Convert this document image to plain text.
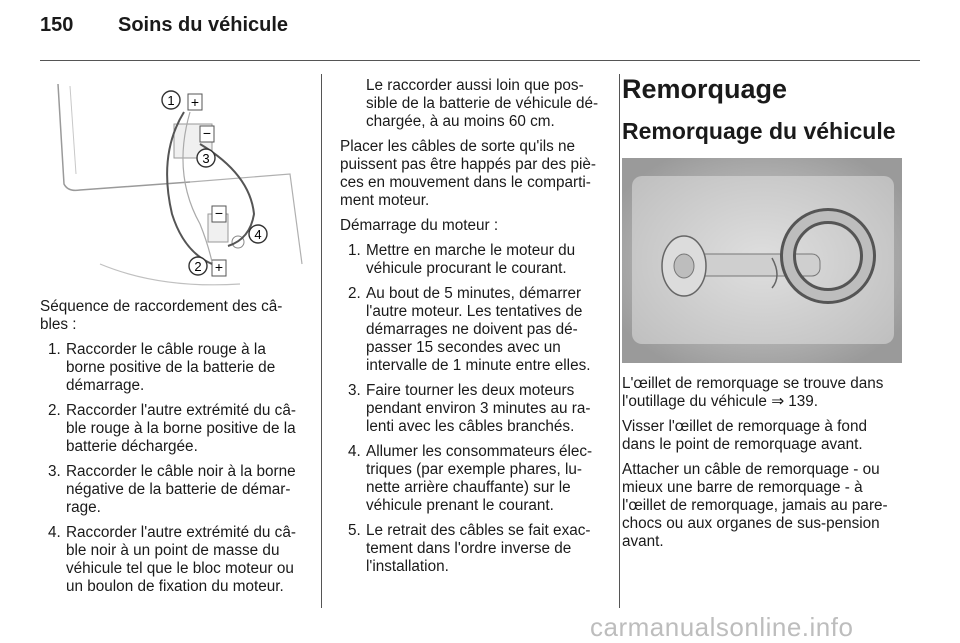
150 Soins du véhicule
+
−
−
+
1
3
4
2

Séquence de raccordement des câ-bles :

1. Raccorder le câble rouge à la borne positive de la batterie de démarrage.
2. Raccorder l'autre extrémité du câ-ble rouge à la borne positive de la batterie déchargée.
3. Raccorder le câble noir à la borne négative de la batterie de démar-rage.
4. Raccorder l'autre extrémité du câ-ble noir à un point de masse du véhicule tel que le bloc moteur ou un boulon de fixation du moteur.

Le raccorder aussi loin que pos-sible de la batterie de véhicule dé-chargée, à au moins 60 cm.

Placer les câbles de sorte qu'ils ne puissent pas être happés par des piè-ces en mouvement dans le comparti-ment moteur.

Démarrage du moteur :

1. Mettre en marche le moteur du véhicule procurant le courant.
2. Au bout de 5 minutes, démarrer l'autre moteur. Les tentatives de démarrages ne doivent pas dé-passer 15 secondes avec un intervalle de 1 minute entre elles.
3. Faire tourner les deux moteurs pendant environ 3 minutes au ra-lenti avec les câbles branchés.
4. Allumer les consommateurs élec-triques (par exemple phares, lu-nette arrière chauffante) sur le véhicule prenant le courant.
5. Le retrait des câbles se fait exac-tement dans l'ordre inverse de l'installation.
Remorquage
Remorquage du véhicule

L'œillet de remorquage se trouve dans l'outillage du véhicule ⇒ 139.

Visser l'œillet de remorquage à fond dans le point de remorquage avant.

Attacher un câble de remorquage - ou mieux une barre de remorquage - à l'œillet de remorquage, jamais au pare-chocs ou aux organes de sus-pension avant.

carmanualsonline.info
